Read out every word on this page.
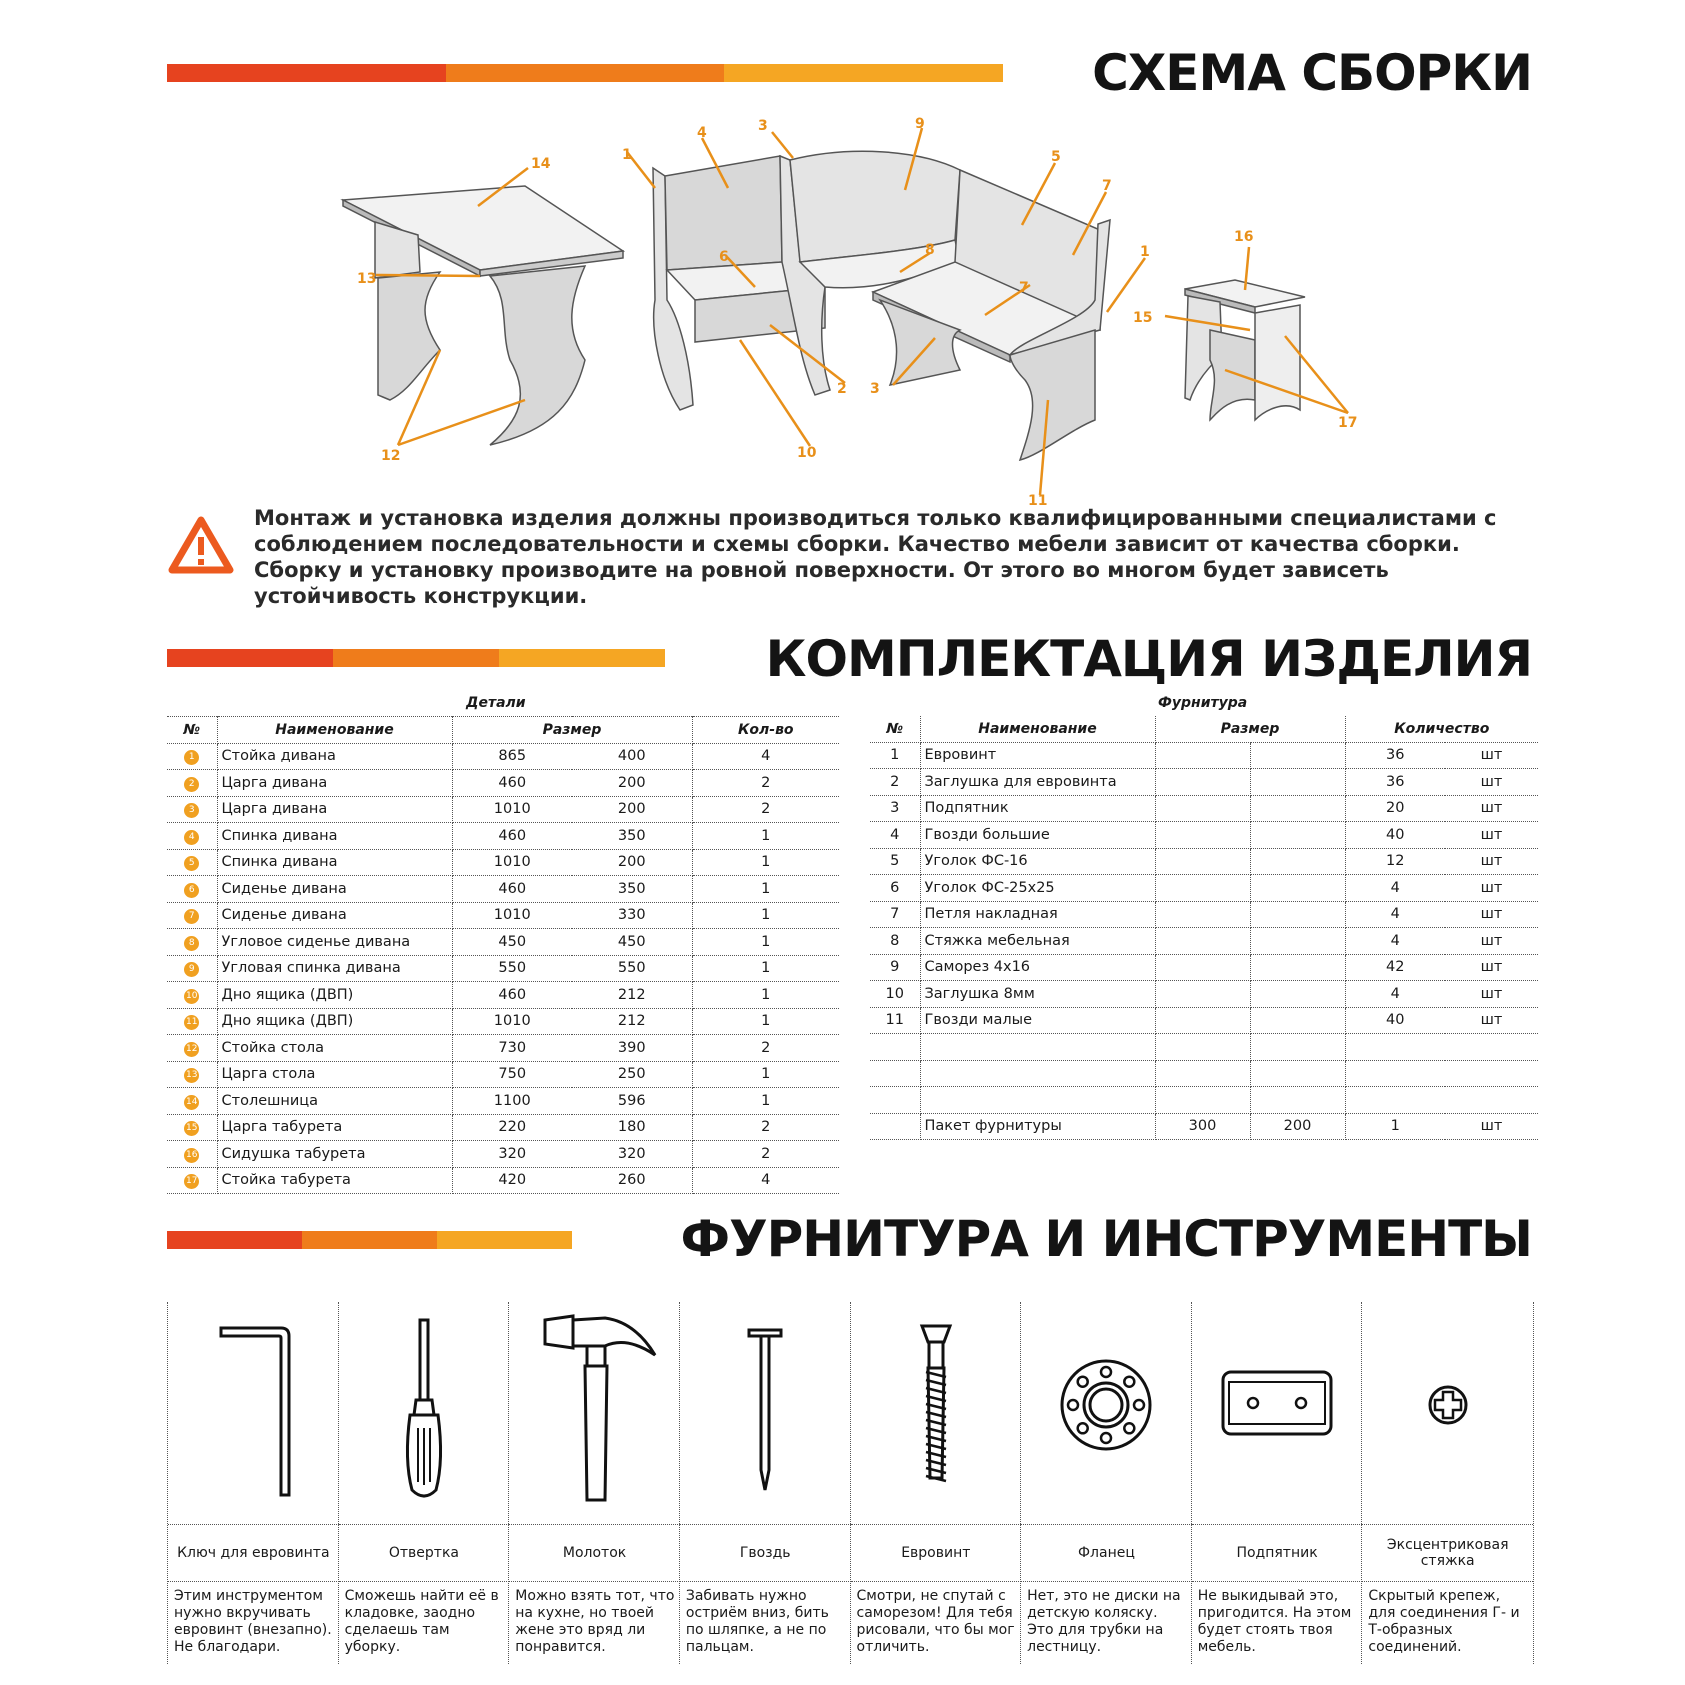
СХЕМА СБОРКИ
14
13
12
1
4	3	9
5
7
1
6	8
7
2 3
10
11
16
15
17
Монтаж и установка изделия должны производиться только квалифицированными специалистами с соблюдением последовательности и схемы сборки. Качество мебели зависит от качества сборки. Сборку и установку производите на ровной поверхности. От этого во многом будет зависеть устойчивость конструкции.
КОМПЛЕКТАЦИЯ ИЗДЕЛИЯ
Детали
№	Наименование	Размер		Кол-во
1	Стойка дивана	865	400	4
2	Царга дивана	460	200	2
3	Царга дивана	1010	200	2
4	Спинка дивана	460	350	1
5	Спинка дивана	1010	200	1
6	Сиденье дивана	460	350	1
7	Сиденье дивана	1010	330	1
8	Угловое сиденье дивана	450	450	1
9	Угловая спинка дивана	550	550	1
10	Дно ящика (ДВП)	460	212	1
11	Дно ящика (ДВП)	1010	212	1
12	Стойка стола	730	390	2
13	Царга стола	750	250	1
14	Столешница	1100	596	1
15	Царга табурета	220	180	2
16	Сидушка табурета	320	320	2
17	Стойка табурета	420	260	4
Фурнитура
№	Наименование	Размер		Количество	
1	Евровинт			36	шт
2	Заглушка для евровинта			36	шт
3	Подпятник			20	шт
4	Гвозди большие			40	шт
5	Уголок ФС-16			12	шт
6	Уголок ФС-25х25			4	шт
7	Петля накладная			4	шт
8	Стяжка мебельная			4	шт
9	Саморез 4х16			42	шт
10	Заглушка 8мм			4	шт
11	Гвозди малые			40	шт

	Пакет фурнитуры	300	200	1	шт
ФУРНИТУРА И ИНСТРУМЕНТЫ
Ключ для евровинта
Этим инструментом нужно вкручивать евровинт (внезапно). Не благодари.
Отвертка
Сможешь найти её в кладовке, заодно сделаешь там уборку.
Молоток
Можно взять тот, что на кухне, но твоей жене это вряд ли понравится.
Гвоздь
Забивать нужно остриём вниз, бить по шляпке, а не по пальцам.
Евровинт
Смотри, не спутай с саморезом! Для тебя рисовали, что бы мог отличить.
Фланец
Нет, это не диски на детскую коляску. Это для трубки на лестницу.
Подпятник
Не выкидывай это, пригодится. На этом будет стоять твоя мебель.
Эксцентриковая стяжка
Скрытый крепеж, для соединения Г- и Т-образных соединений.
